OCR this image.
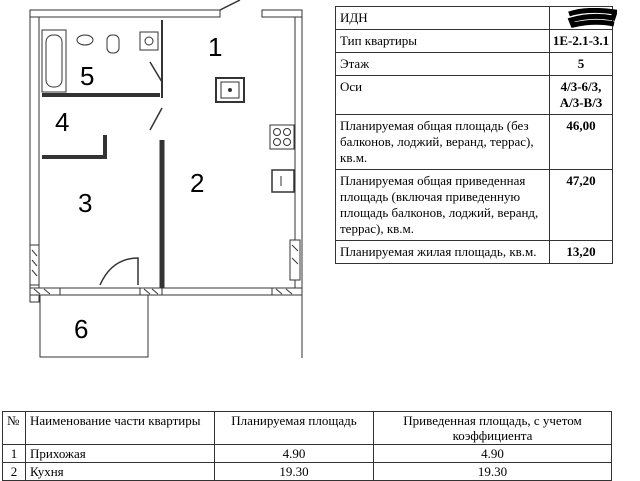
1
2
3
4
5
6
ИДН	
Тип квартиры	1Е-2.1-3.1
Этаж	5
Оси	4/3-6/3, А/3-В/3
Планируемая общая площадь (без балконов, лоджий, веранд, террас), кв.м.	46,00
Планируемая общая приведенная площадь (включая приведенную площадь балконов, лоджий, веранд, террас), кв.м.	47,20
Планируемая жилая площадь, кв.м.	13,20
№	Наименование части квартиры	Планируемая площадь	Приведенная площадь, с учетом коэффициента
1	Прихожая	4.90	4.90
2	Кухня	19.30	19.30
